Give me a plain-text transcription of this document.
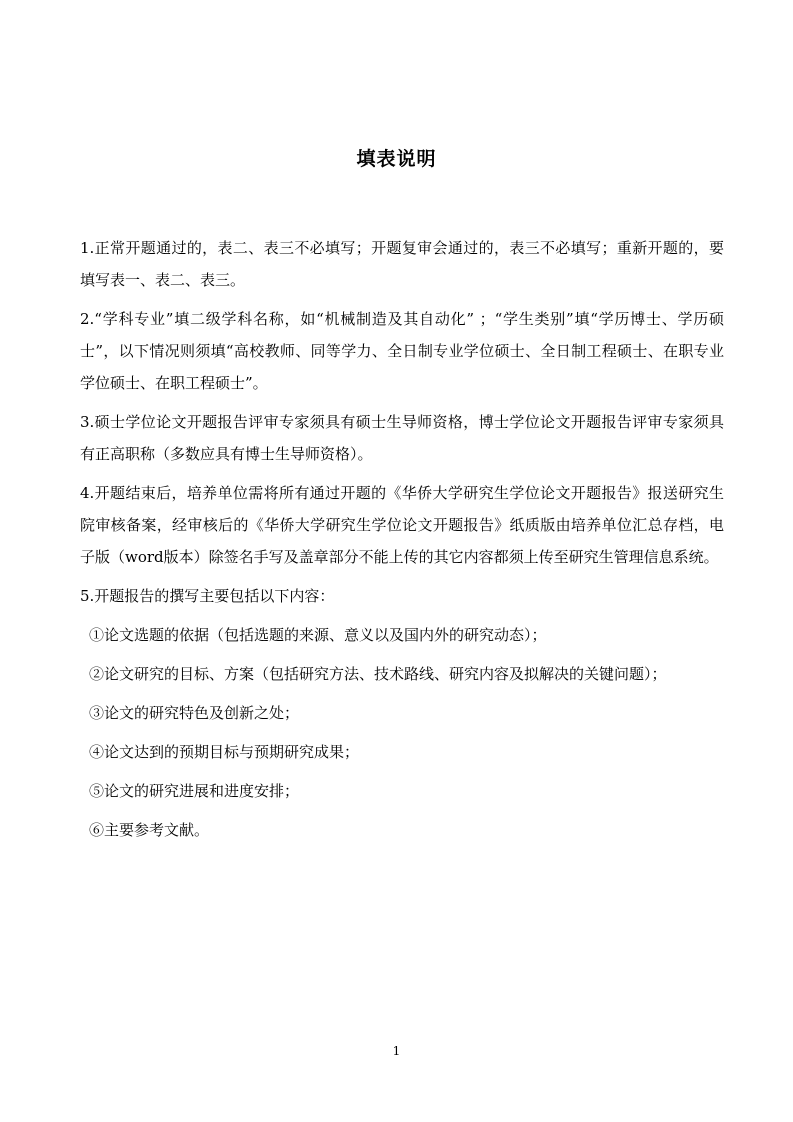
填表说明

1.正常开题通过的，表二、表三不必填写；开题复审会通过的，表三不必填写；重新开题的，要填写表一、表二、表三。

2.“学科专业”填二级学科名称，如“机械制造及其自动化” ；“学生类别”填“学历博士、学历硕士”，以下情况则须填“高校教师、同等学力、全日制专业学位硕士、全日制工程硕士、在职专业学位硕士、在职工程硕士”。

3.硕士学位论文开题报告评审专家须具有硕士生导师资格，博士学位论文开题报告评审专家须具有正高职称（多数应具有博士生导师资格）。

4.开题结束后，培养单位需将所有通过开题的《华侨大学研究生学位论文开题报告》报送研究生院审核备案，经审核后的《华侨大学研究生学位论文开题报告》纸质版由培养单位汇总存档，电子版（word版本）除签名手写及盖章部分不能上传的其它内容都须上传至研究生管理信息系统。

5.开题报告的撰写主要包括以下内容：

①论文选题的依据（包括选题的来源、意义以及国内外的研究动态）；

②论文研究的目标、方案（包括研究方法、技术路线、研究内容及拟解决的关键问题）；

③论文的研究特色及创新之处；

④论文达到的预期目标与预期研究成果；

⑤论文的研究进展和进度安排；

⑥主要参考文献。

1
